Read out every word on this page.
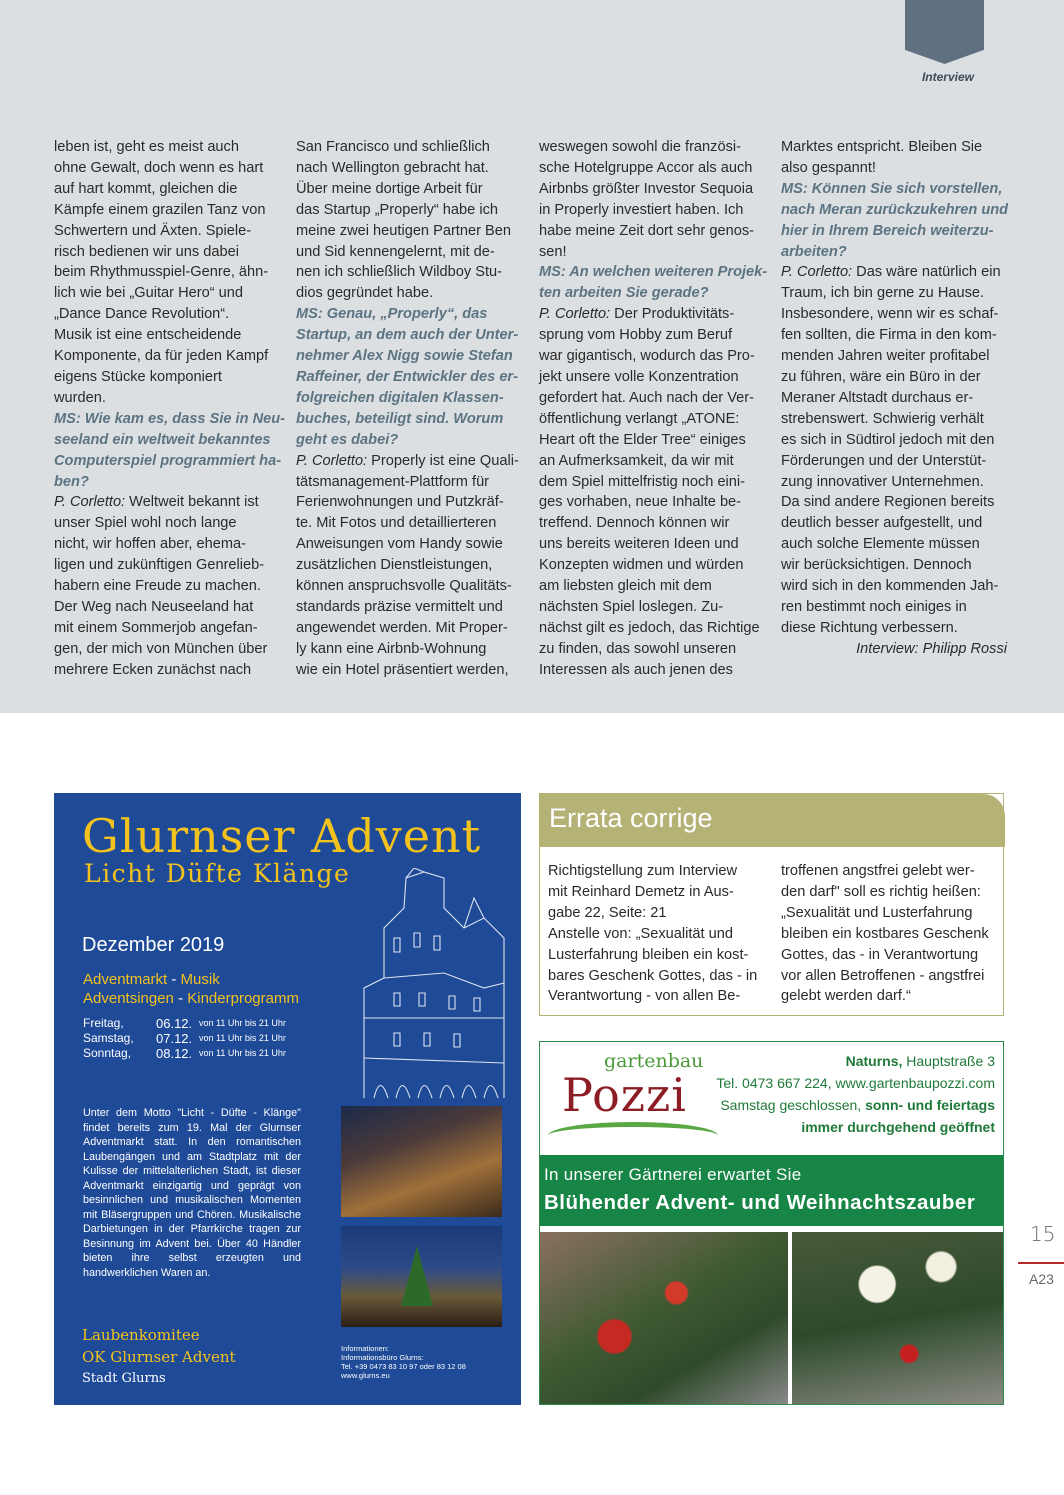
Interview
leben ist, geht es meist auch
ohne Gewalt, doch wenn es hart
auf hart kommt, gleichen die
Kämpfe einem grazilen Tanz von
Schwertern und Äxten. Spiele-
risch bedienen wir uns dabei
beim Rhythmusspiel-Genre, ähn-
lich wie bei „Guitar Hero“ und
„Dance Dance Revolution“.
Musik ist eine entscheidende
Komponente, da für jeden Kampf
eigens Stücke komponiert
wurden.
MS: Wie kam es, dass Sie in Neu-
seeland ein weltweit bekanntes
Computerspiel programmiert ha-
ben?
P. Corletto: Weltweit bekannt ist
unser Spiel wohl noch lange
nicht, wir hoffen aber, ehema-
ligen und zukünftigen Genrelieb-
habern eine Freude zu machen.
Der Weg nach Neuseeland hat
mit einem Sommerjob angefan-
gen, der mich von München über
mehrere Ecken zunächst nach
San Francisco und schließlich
nach Wellington gebracht hat.
Über meine dortige Arbeit für
das Startup „Properly“ habe ich
meine zwei heutigen Partner Ben
und Sid kennengelernt, mit de-
nen ich schließlich Wildboy Stu-
dios gegründet habe.
MS: Genau, „Properly“, das
Startup, an dem auch der Unter-
nehmer Alex Nigg sowie Stefan
Raffeiner, der Entwickler des er-
folgreichen digitalen Klassen-
buches, beteiligt sind. Worum
geht es dabei?
P. Corletto: Properly ist eine Quali-
tätsmanagement-Plattform für
Ferienwohnungen und Putzkräf-
te. Mit Fotos und detaillierteren
Anweisungen vom Handy sowie
zusätzlichen Dienstleistungen,
können anspruchsvolle Qualitäts-
standards präzise vermittelt und
angewendet werden. Mit Proper-
ly kann eine Airbnb-Wohnung
wie ein Hotel präsentiert werden,
weswegen sowohl die französi-
sche Hotelgruppe Accor als auch
Airbnbs größter Investor Sequoia
in Properly investiert haben. Ich
habe meine Zeit dort sehr genos-
sen!
MS: An welchen weiteren Projek-
ten arbeiten Sie gerade?
P. Corletto: Der Produktivitäts-
sprung vom Hobby zum Beruf
war gigantisch, wodurch das Pro-
jekt unsere volle Konzentration
gefordert hat. Auch nach der Ver-
öffentlichung verlangt „ATONE:
Heart oft the Elder Tree“ einiges
an Aufmerksamkeit, da wir mit
dem Spiel mittelfristig noch eini-
ges vorhaben, neue Inhalte be-
treffend. Dennoch können wir
uns bereits weiteren Ideen und
Konzepten widmen und würden
am liebsten gleich mit dem
nächsten Spiel loslegen. Zu-
nächst gilt es jedoch, das Richtige
zu finden, das sowohl unseren
Interessen als auch jenen des
Marktes entspricht. Bleiben Sie
also gespannt!
MS: Können Sie sich vorstellen,
nach Meran zurückzukehren und
hier in Ihrem Bereich weiterzu-
arbeiten?
P. Corletto: Das wäre natürlich ein
Traum, ich bin gerne zu Hause.
Insbesondere, wenn wir es schaf-
fen sollten, die Firma in den kom-
menden Jahren weiter profitabel
zu führen, wäre ein Büro in der
Meraner Altstadt durchaus er-
strebenswert. Schwierig verhält
es sich in Südtirol jedoch mit den
Förderungen und der Unterstüt-
zung innovativer Unternehmen.
Da sind andere Regionen bereits
deutlich besser aufgestellt, und
auch solche Elemente müssen
wir berücksichtigen. Dennoch
wird sich in den kommenden Jah-
ren bestimmt noch einiges in
diese Richtung verbessern.
Interview: Philipp Rossi
Glurnser Advent
Licht Düfte Klänge
Dezember 2019
Adventmarkt - Musik
Adventsingen - Kinderprogramm
Freitag, 06.12. von 11 Uhr bis 21 Uhr
Samstag, 07.12. von 11 Uhr bis 21 Uhr
Sonntag, 08.12. von 11 Uhr bis 21 Uhr
Unter dem Motto "Licht - Düfte - Klänge" findet bereits zum 19. Mal der Glurnser Adventmarkt statt. In den romantischen Laubengängen und am Stadtplatz mit der Kulisse der mittelalterlichen Stadt, ist dieser Adventmarkt einzigartig und geprägt von besinnlichen und musikalischen Momenten mit Bläsergruppen und Chören. Musikalische Darbietungen in der Pfarrkirche tragen zur Besinnung im Advent bei. Über 40 Händler bieten ihre selbst erzeugten und handwerklichen Waren an.
Laubenkomitee
OK Glurnser Advent
Stadt Glurns
Informationen:
Informationsbüro Glurns:
Tel. +39 0473 83 10 97 oder 83 12 08
www.glurns.eu
Errata corrige
Richtigstellung zum Interview
mit Reinhard Demetz in Aus-
gabe 22, Seite: 21
Anstelle von: „Sexualität und
Lusterfahrung bleiben ein kost-
bares Geschenk Gottes, das - in
Verantwortung - von allen Be-
troffenen angstfrei gelebt wer-
den darf" soll es richtig heißen:
„Sexualität und Lusterfahrung
bleiben ein kostbares Geschenk
Gottes, das - in Verantwortung
vor allen Betroffenen - angstfrei
gelebt werden darf.“
gartenbau
Pozzi
Naturns, Hauptstraße 3
Tel. 0473 667 224, www.gartenbaupozzi.com
Samstag geschlossen, sonn- und feiertags
immer durchgehend geöffnet
In unserer Gärtnerei erwartet Sie
Blühender Advent- und Weihnachtszauber
15
A23
